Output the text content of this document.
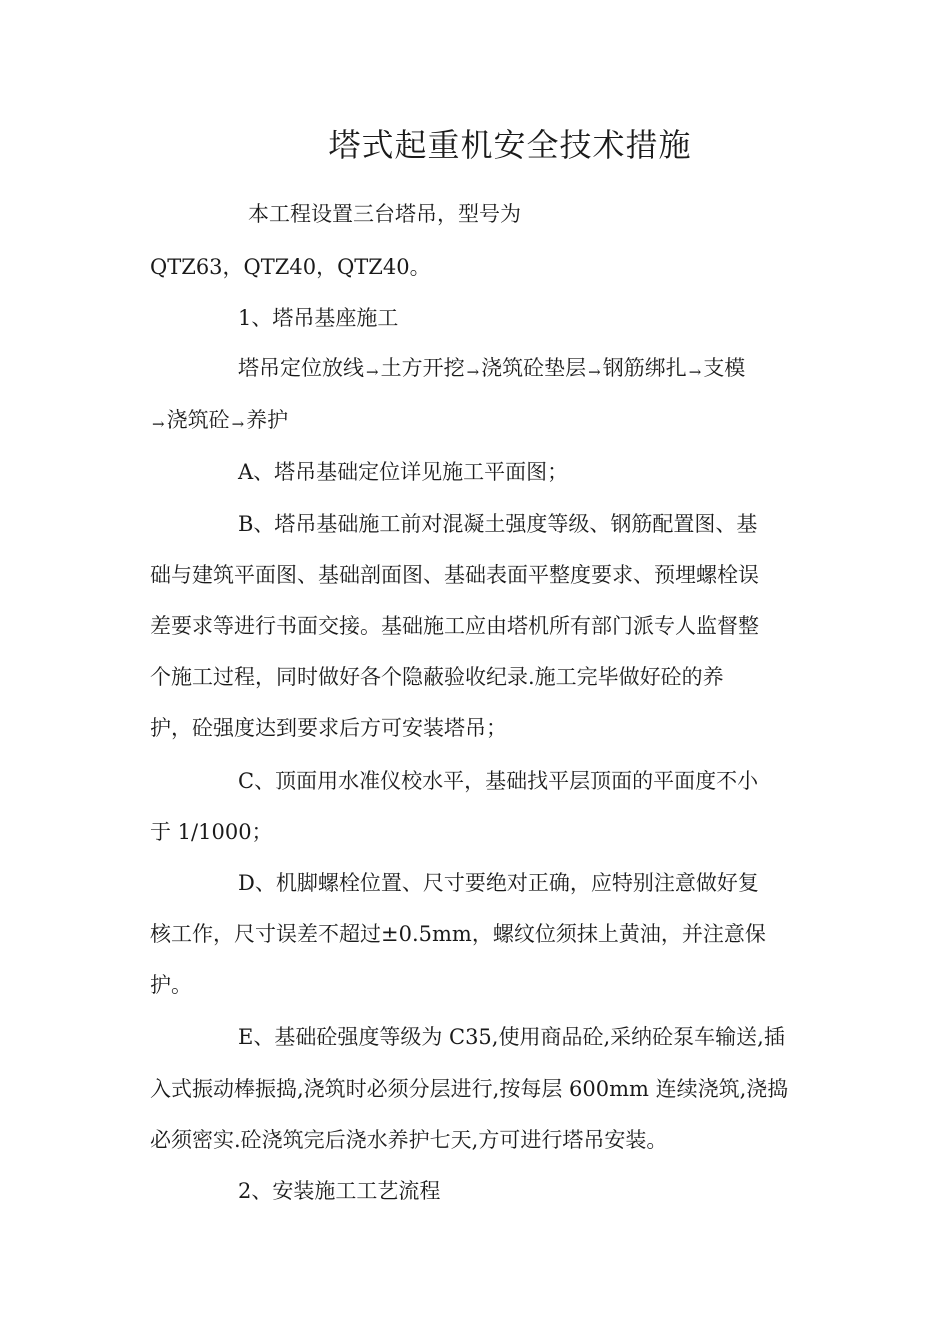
塔式起重机安全技术措施
本工程设置三台塔吊，型号为
QTZ63，QTZ40，QTZ40。
1、塔吊基座施工
塔吊定位放线 →土方开挖 →浇筑砼垫层 →钢筋绑扎 →支模
→浇筑砼 →养护
A、塔吊基础定位详见施工平面图；
B、塔吊基础施工前对混凝土强度等级、钢筋配置图、基
础与建筑平面图、基础剖面图、基础表面平整度要求、预埋螺栓误
差要求等进行书面交接。基础施工应由塔机所有部门派专人监督整
个施工过程，同时做好各个隐蔽验收纪录.施工完毕做好砼的养
护，砼强度达到要求后方可安装塔吊；
C、顶面用水准仪校水平，基础找平层顶面的平面度不小
于 1/1000；
D、机脚螺栓位置、尺寸要绝对正确，应特别注意做好复
核工作，尺寸误差不超过±0.5mm，螺纹位须抹上黄油，并注意保
护。
E、基础砼强度等级为 C35,使用商品砼,采纳砼泵车输送,插
入式振动棒振捣,浇筑时必须分层进行,按每层 600mm 连续浇筑,浇捣
必须密实.砼浇筑完后浇水养护七天,方可进行塔吊安装。
2、安装施工工艺流程
